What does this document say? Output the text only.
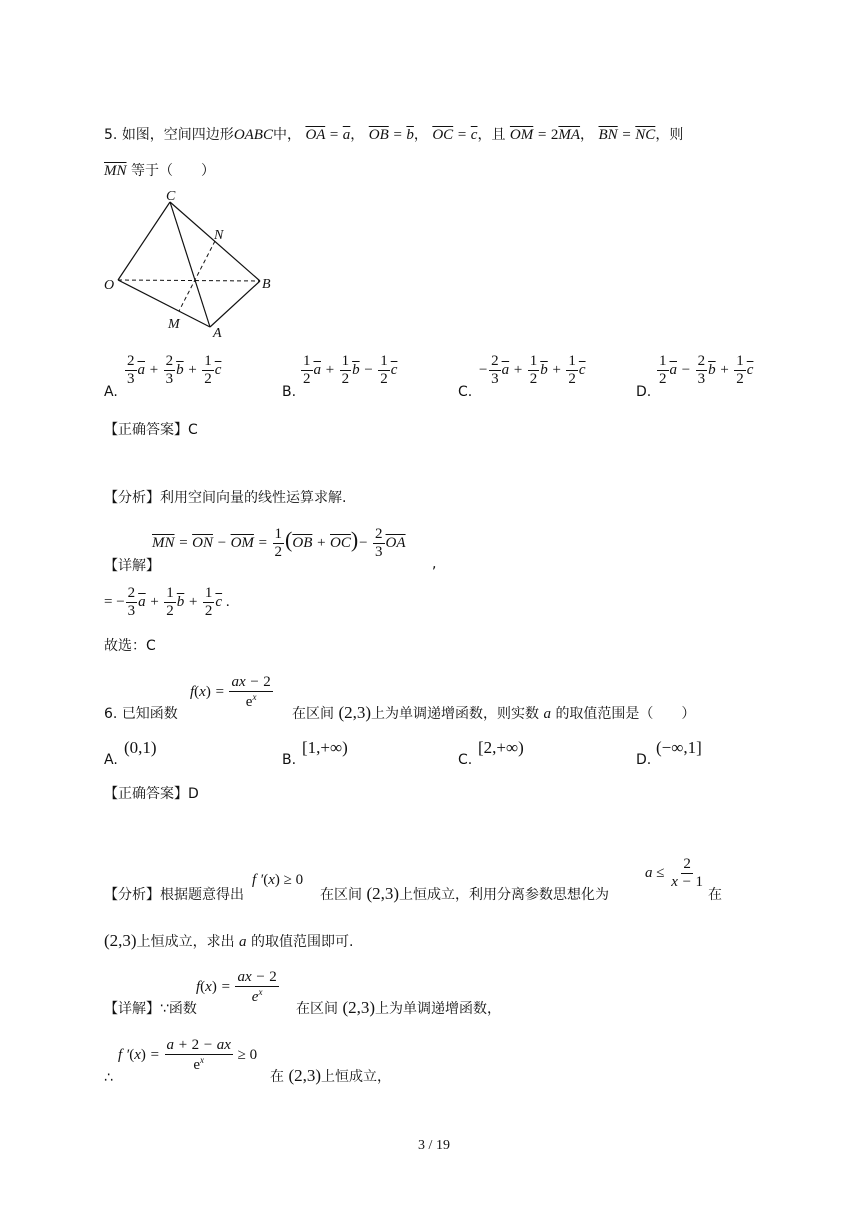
5. 如图，空间四边形OABC中， $\overline{OA} = \overline{a}$， $\overline{OB} = \overline{b}$， $\overline{OC} = \overline{c}$，且 $\overline{OM} = 2\overline{MA}$， $\overline{BN} = \overline{NC}$，则
$\overline{MN}$ 等于（　　）
C
N
O	B
M
A
A.
$\frac{2}{3} \overline{a} + \frac{2}{3} \overline{b} + \frac{1}{2} \overline{c}$
B.
$\frac{1}{2} \overline{a} + \frac{1}{2} \overline{b} - \frac{1}{2} \overline{c}$
C.
− $\frac{2}{3} \overline{a} + \frac{1}{2} \overline{b} + \frac{1}{2} \overline{c}$
D.
$\frac{1}{2} \overline{a} - \frac{2}{3} \overline{b} + \frac{1}{2} \overline{c}$
【正确答案】C
【分析】利用空间向量的线性运算求解.
【详解】
$\overline{MN} = \overline{ON} - \overline{OM} = \frac{1}{2} (\overline{OB} + \overline{OC})- \frac{2}{3} \overline{OA}$
,
= − $\frac{2}{3} \overline{a} + \frac{1}{2} \overline{b} + \frac{1}{2} \overline{c}$ .
故选：C
6. 已知函数
$f(x) = \frac{ax - 2}{e^x}$
在区间 (2,3)上为单调递增函数，则实数 a 的取值范围是（　　）
A.
(0,1)
B.
[1,+∞)
C.
[2,+∞)
D.
(−∞,1]
【正确答案】D
【分析】根据题意得出
f ′(x) ≥ 0
在区间 (2,3)上恒成立，利用分离参数思想化为
$a \le \frac{2}{x - 1}$
在
(2,3)上恒成立，求出 a 的取值范围即可.
【详解】∵函数
$f(x) = \frac{ax - 2}{e^x}$
在区间 (2,3)上为单调递增函数，
∴
f $'(x) = \frac{a + 2 - ax}{e^x} \ge 0$
在 (2,3)上恒成立，
3 / 19
